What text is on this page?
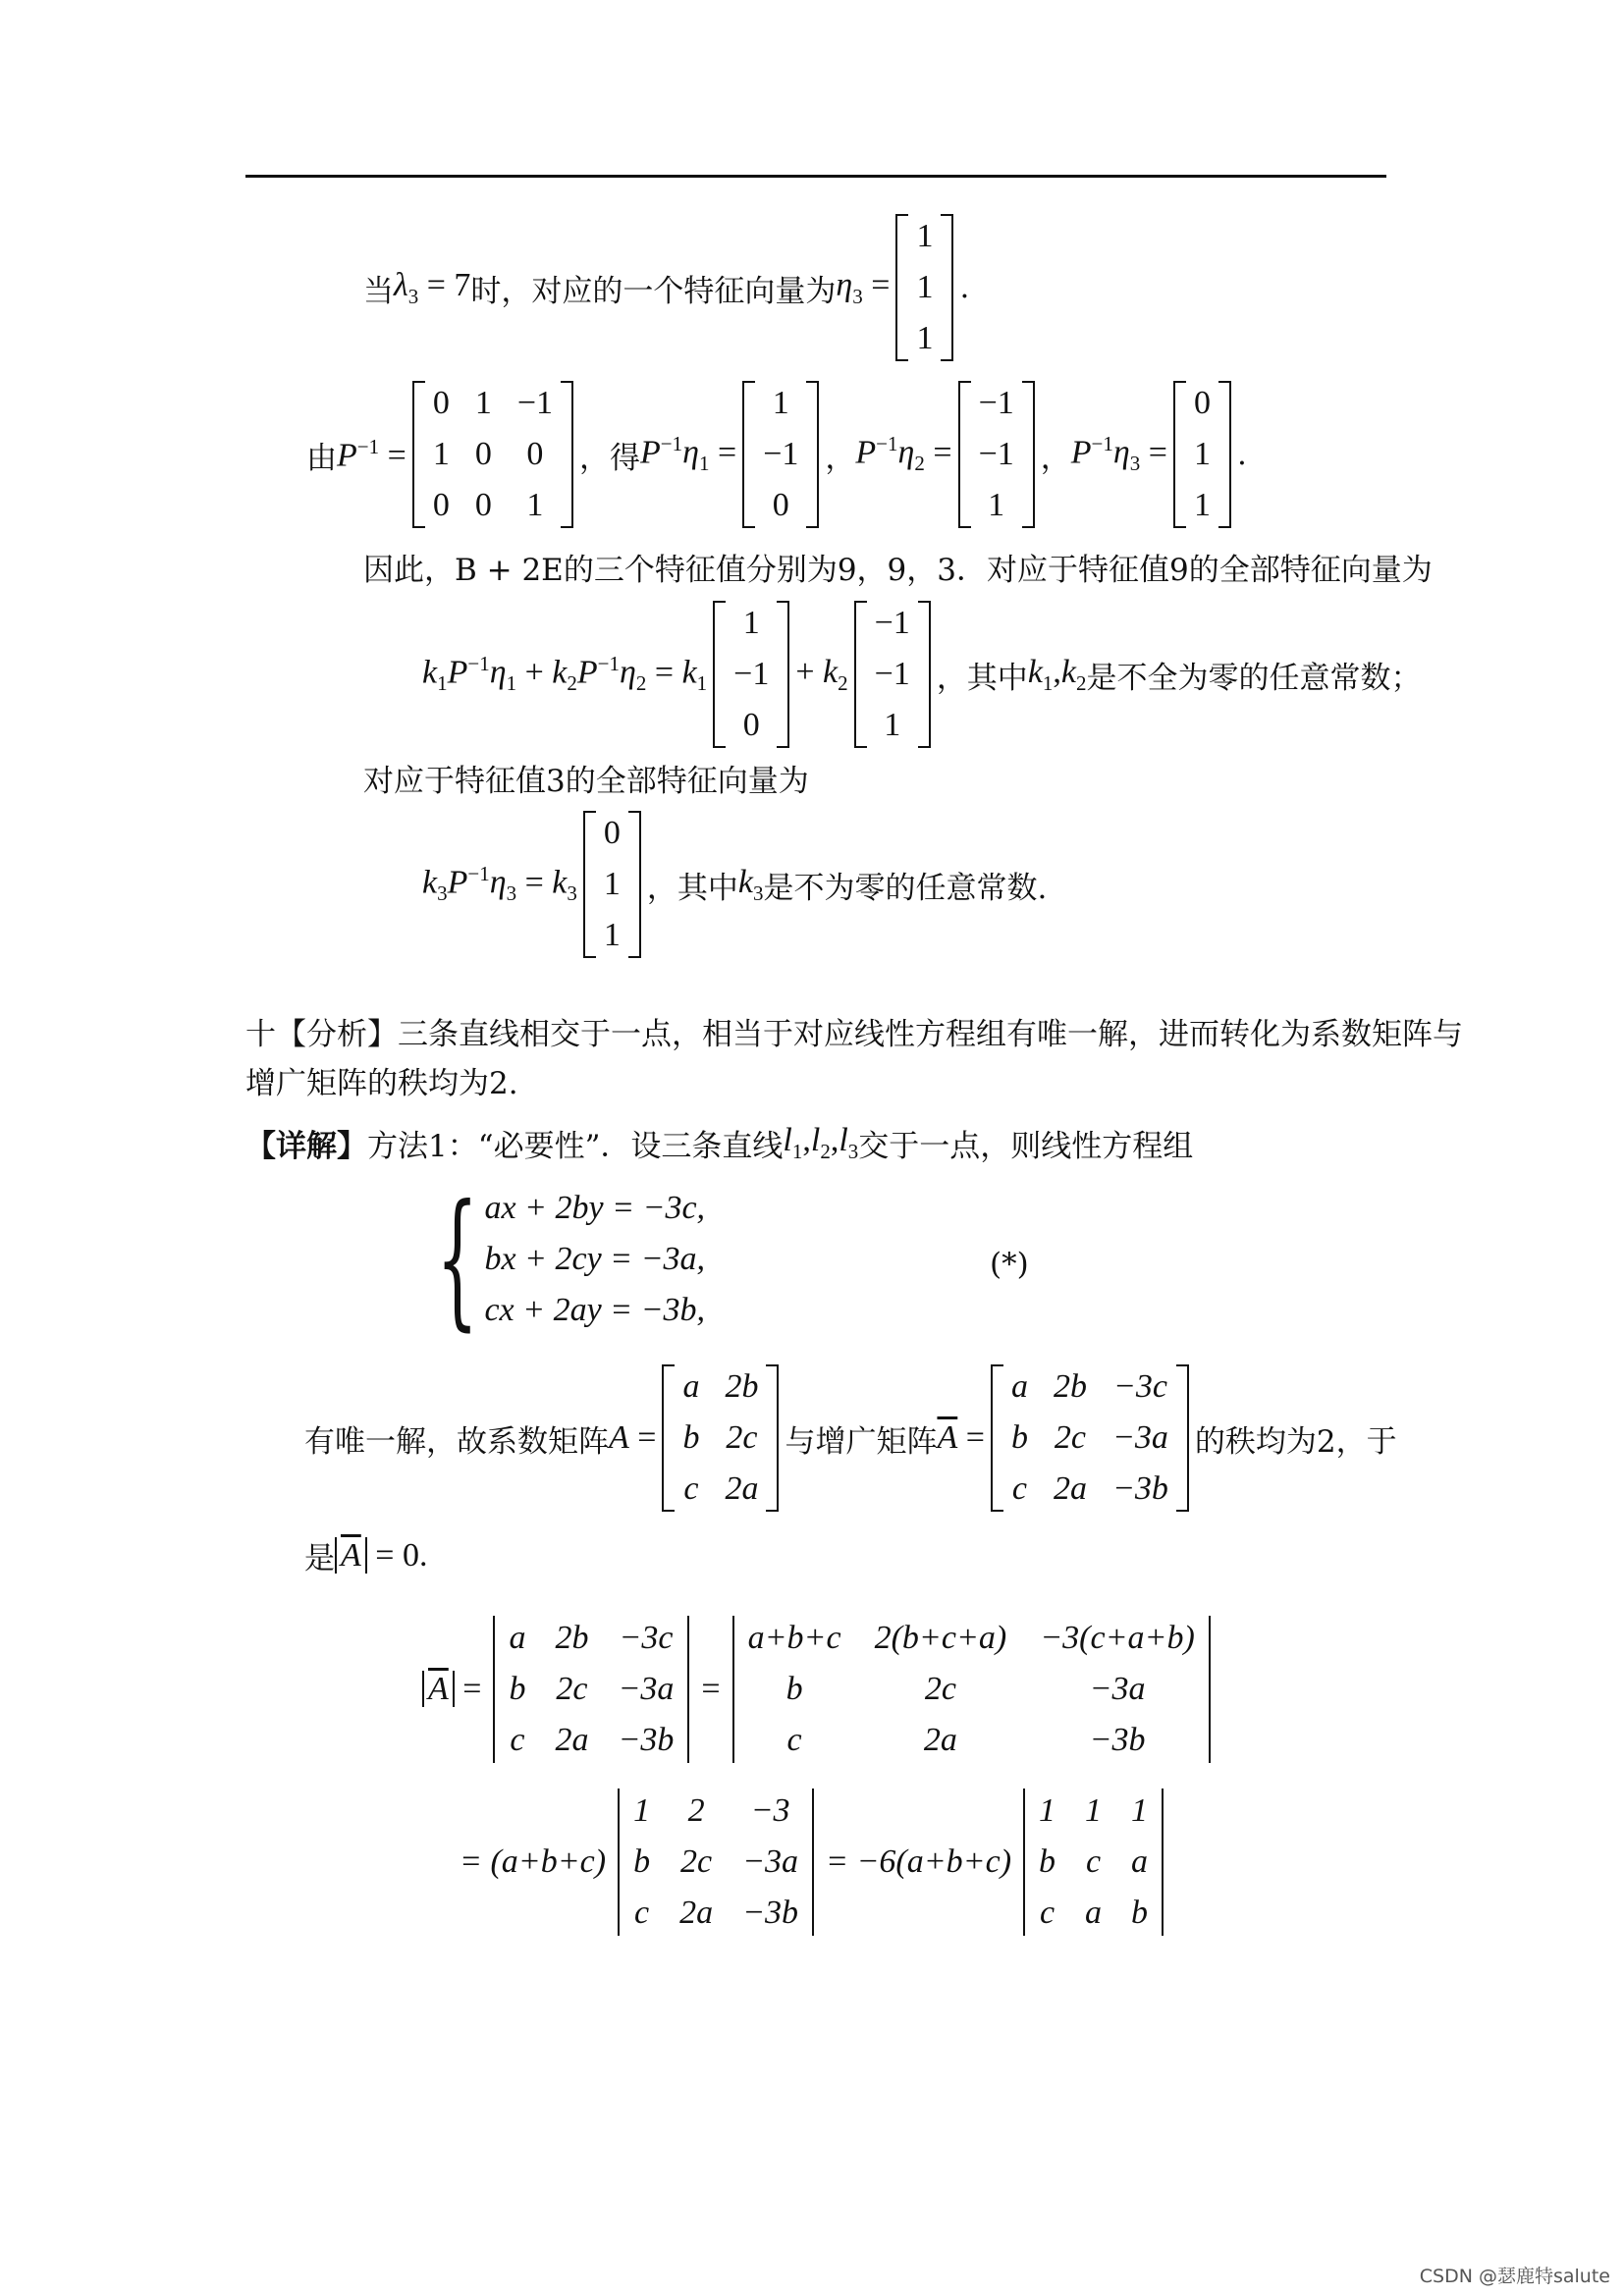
当 $\lambda_3 = 7$ 时，对应的一个特征向量为 $\eta_3$ =
1
1
1
.
由 $P^{-1}$ =
0 1 −1
1 0 0
0 0 1
，得 $P^{-1}\eta_1$ =
1
−1
0
， $P^{-1}\eta_2$ =
−1
−1
1
， $P^{-1}\eta_3$ =
0
1
1
.
因此，B + 2E的三个特征值分别为9，9，3．对应于特征值9的全部特征向量为
$k_1P^{-1}\eta_1 + k_2P^{-1}\eta_2 = k_1$
1
−1
0
+ $k_2$
−1
−1
1
，其中 $k_1,k_2$ 是不全为零的任意常数；
对应于特征值3的全部特征向量为
$k_3P^{-1}\eta_3 = k_3$
0
1
1
，其中 $k_3$ 是不为零的任意常数.
十【分析】三条直线相交于一点，相当于对应线性方程组有唯一解，进而转化为系数矩阵与
增广矩阵的秩均为2.
【详解】 方法1：“必要性”．设三条直线 $l_1,l_2,l_3$ 交于一点，则线性方程组
{ ax + 2by = −3c,
bx + 2cy = −3a,
cx + 2ay = −3b,
(*)
有唯一解，故系数矩阵 A =
a 2b
b 2c
c 2a
与增广矩阵 $\overline{A}$ =
a 2b −3c
b 2c −3a
c 2a −3b
的秩均为2，于
是 $\overline{A} = 0$.
$\overline{A}$ =
a 2b −3c
b 2c −3a
c 2a −3b
=
a+b+c 2(b+c+a) −3(c+a+b)
b	2c	−3a
c	2a	−3b
= (a+b+c)
1 2 −3
b 2c −3a
c 2a −3b
= −6(a+b+c)
1 1 1
b c a
c a b
CSDN @瑟鹿特salute
